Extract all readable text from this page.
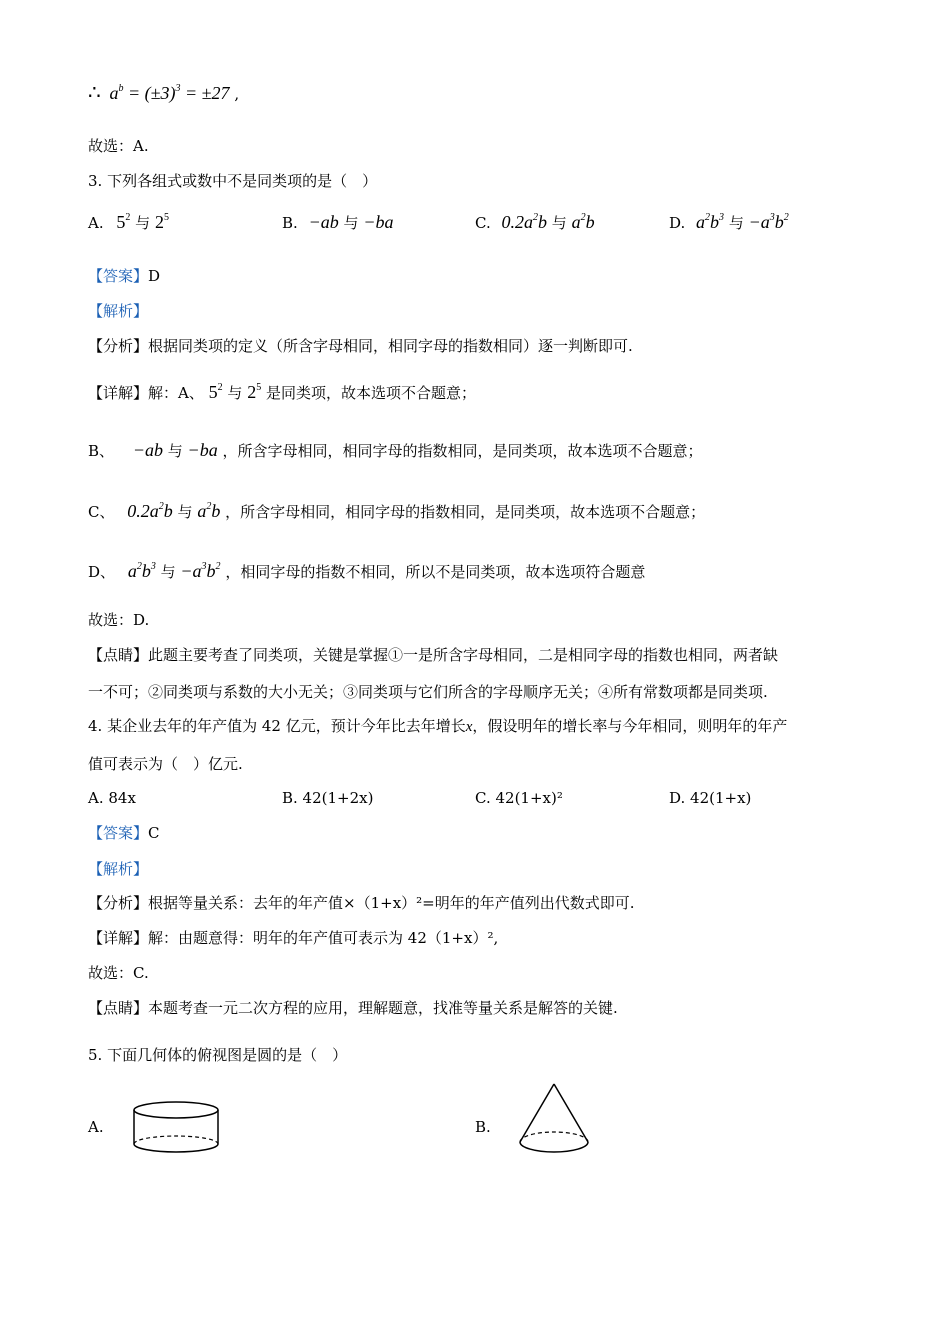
∴ $a^b = (\pm 3)^3 = \pm 27$ ,
故选：A.
3. 下列各组式或数中不是同类项的是（　）
A. $5^2$ 与 $2^5$	B. −ab 与 −ba	C. $0.2a^2b$ 与 $a^2b$	D. $a^2b^3$ 与 $-a^3b^2$
【答案】D
【解析】
【分析】根据同类项的定义（所含字母相同，相同字母的指数相同）逐一判断即可.
【详解】解：A、 $5^2$ 与 $2^5$ 是同类项，故本选项不合题意；
B、 −ab 与 −ba ，所含字母相同，相同字母的指数相同，是同类项，故本选项不合题意；
C、 $0.2a^2b$ 与 $a^2b$ ，所含字母相同，相同字母的指数相同，是同类项，故本选项不合题意；
D、 $a^2b^3$ 与 $-a^3b^2$ ，相同字母的指数不相同，所以不是同类项，故本选项符合题意
故选：D.
【点睛】此题主要考查了同类项，关键是掌握①一是所含字母相同，二是相同字母的指数也相同，两者缺
一不可；②同类项与系数的大小无关；③同类项与它们所含的字母顺序无关；④所有常数项都是同类项.
4. 某企业去年的年产值为 42 亿元，预计今年比去年增长x，假设明年的增长率与今年相同，则明年的年产
值可表示为（　）亿元.
A. 84x	B. 42(1+2x)	C. 42(1+x)²	D. 42(1+x)
【答案】C
【解析】
【分析】根据等量关系：去年的年产值×（1+x）²=明年的年产值列出代数式即可.
【详解】解：由题意得：明年的年产值可表示为 42（1+x）²,
故选：C.
【点睛】本题考查一元二次方程的应用，理解题意，找准等量关系是解答的关键.
5. 下面几何体的俯视图是圆的是（　）
A.	B.
